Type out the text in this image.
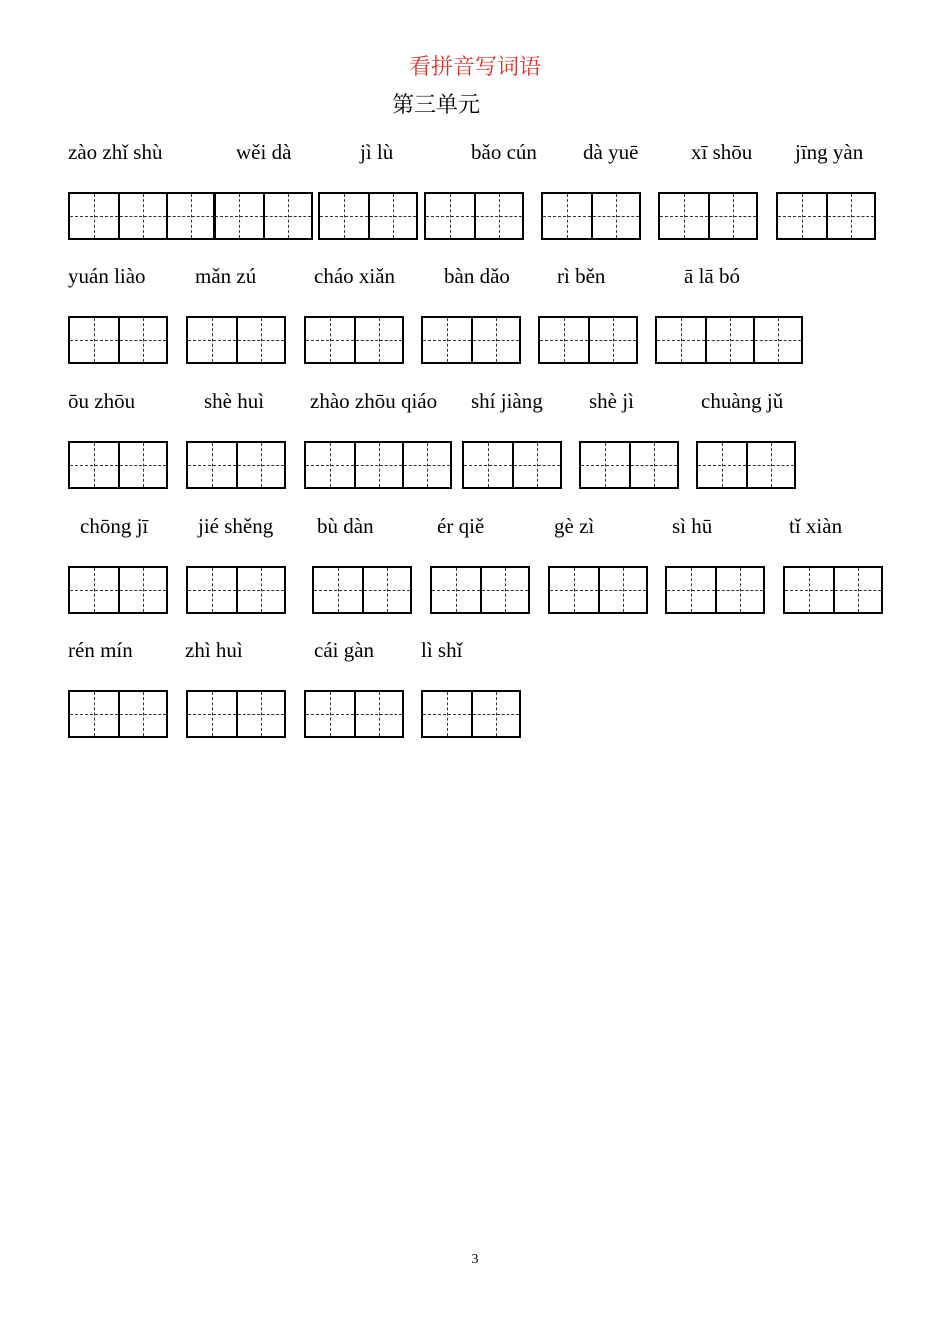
看拼音写词语
第三单元
zào zhǐ shù	wěi dà	jì lù	bǎo cún dà yuē	xī shōu jīng yàn
yuán liào mǎn zú	cháo xiǎn bàn dǎo rì běn	ā lā bó
ōu zhōu	shè huì zhào zhōu qiáo shí jiàng shè jì	chuàng jǔ
chōng jī jié shěng bù dàn	ér qiě	gè zì	sì hū	tǐ xiàn
rén mín zhì huì	cái gàn lì shǐ
3
